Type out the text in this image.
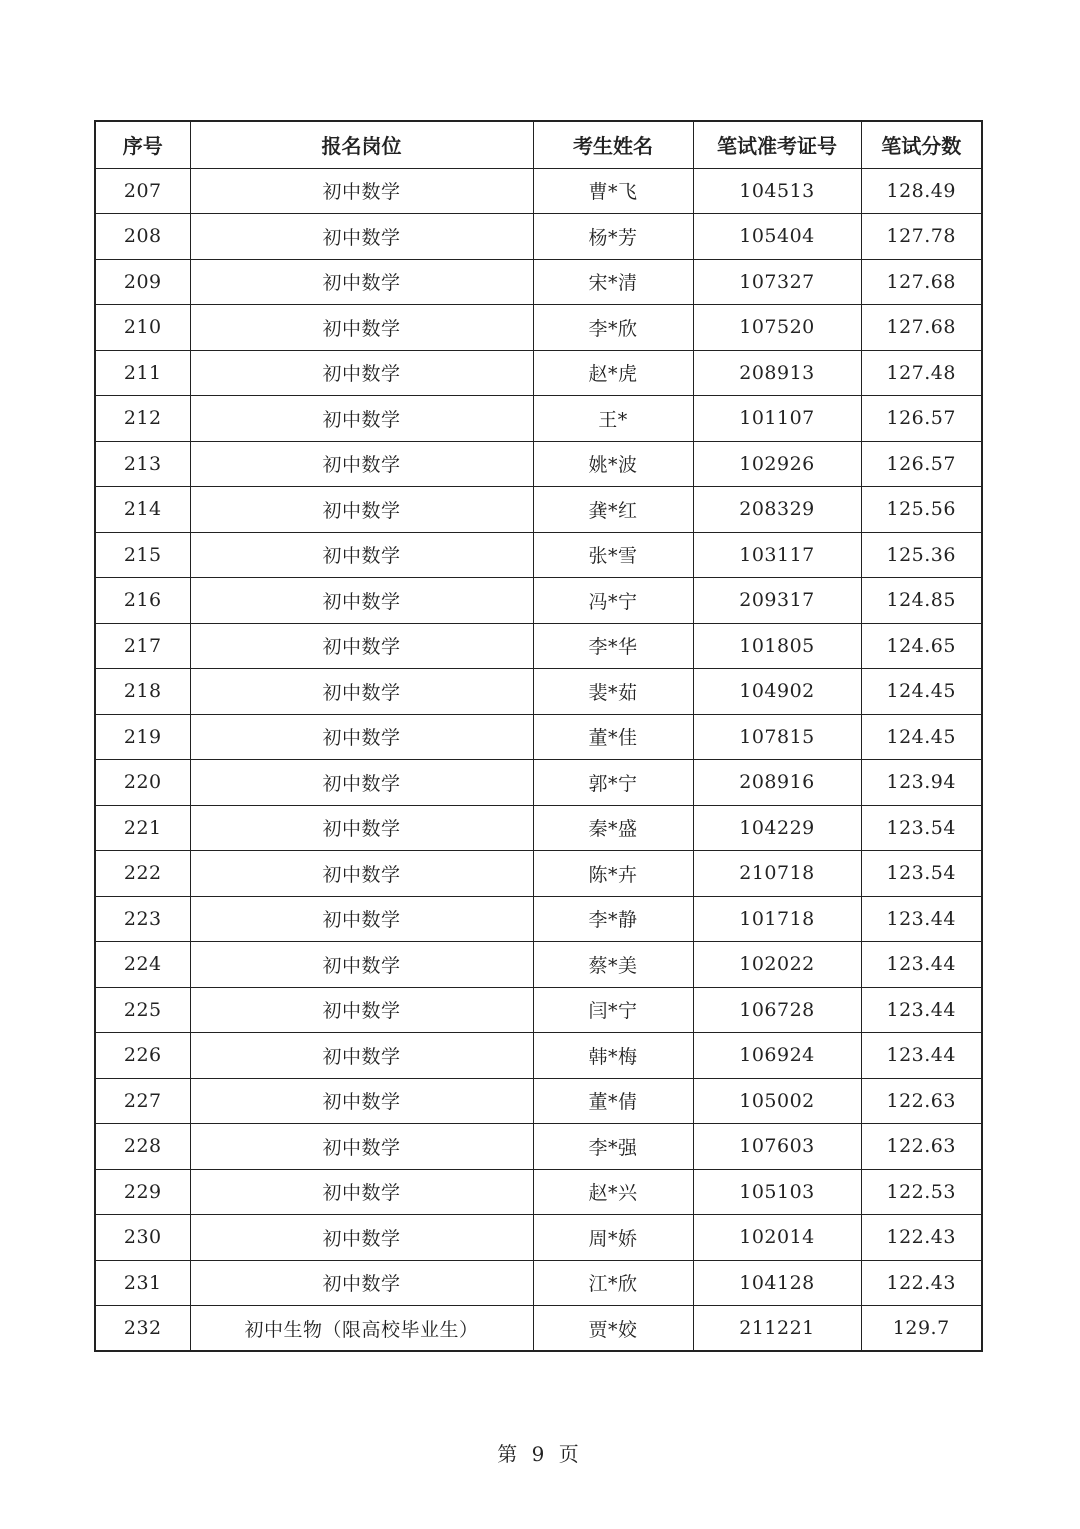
序号	报名岗位	考生姓名	笔试准考证号	笔试分数
207	初中数学	曹*飞	104513	128.49
208	初中数学	杨*芳	105404	127.78
209	初中数学	宋*清	107327	127.68
210	初中数学	李*欣	107520	127.68
211	初中数学	赵*虎	208913	127.48
212	初中数学	王*	101107	126.57
213	初中数学	姚*波	102926	126.57
214	初中数学	龚*红	208329	125.56
215	初中数学	张*雪	103117	125.36
216	初中数学	冯*宁	209317	124.85
217	初中数学	李*华	101805	124.65
218	初中数学	裴*茹	104902	124.45
219	初中数学	董*佳	107815	124.45
220	初中数学	郭*宁	208916	123.94
221	初中数学	秦*盛	104229	123.54
222	初中数学	陈*卉	210718	123.54
223	初中数学	李*静	101718	123.44
224	初中数学	蔡*美	102022	123.44
225	初中数学	闫*宁	106728	123.44
226	初中数学	韩*梅	106924	123.44
227	初中数学	董*倩	105002	122.63
228	初中数学	李*强	107603	122.63
229	初中数学	赵*兴	105103	122.53
230	初中数学	周*娇	102014	122.43
231	初中数学	江*欣	104128	122.43
232	初中生物（限高校毕业生）	贾*姣	211221	129.7
第 9 页
